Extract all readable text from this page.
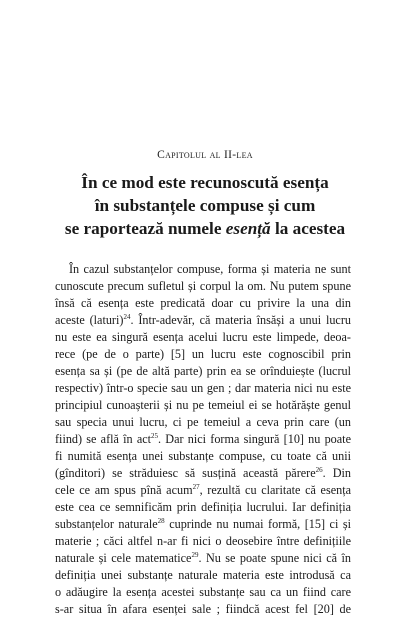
Capitolul al II-lea
În ce mod este recunoscută esența
în substanțele compuse și cum
se raportează numele esență la acestea
În cazul substanțelor compuse, forma și materia ne sunt
cunoscute precum sufletul și corpul la om. Nu putem spune
însă că esența este predicată doar cu privire la una din
aceste (laturi)$^{24}$. Într-adevăr, că materia însăși a unui lucru
nu este ea singură esența acelui lucru este limpede, deoa-
rece (pe de o parte) [5] un lucru este cognoscibil prin
esența sa și (pe de altă parte) prin ea se orînduiește (lucrul
respectiv) într-o specie sau un gen ; dar materia nici nu este
principiul cunoașterii și nu pe temeiul ei se hotărăște genul
sau specia unui lucru, ci pe temeiul a ceva prin care (un
fiind) se află în act$^{25}$. Dar nici forma singură [10] nu poate
fi numită esența unei substanțe compuse, cu toate că unii
(gînditori) se străduiesc să susțină această părere$^{26}$. Din
cele ce am spus pînă acum$^{27}$, rezultă cu claritate că esența
este cea ce semnificăm prin definiția lucrului. Iar definiția
substanțelor naturale$^{28}$ cuprinde nu numai formă, [15] ci și
materie ; căci altfel n-ar fi nici o deosebire între definițiile
naturale și cele matematice$^{29}$. Nu se poate spune nici că în
definiția unei substanțe naturale materia este introdusă ca
o adăugire la esența acestei substanțe sau ca un fiind care
s-ar situa în afara esenței sale ; fiindcă acest fel [20] de
